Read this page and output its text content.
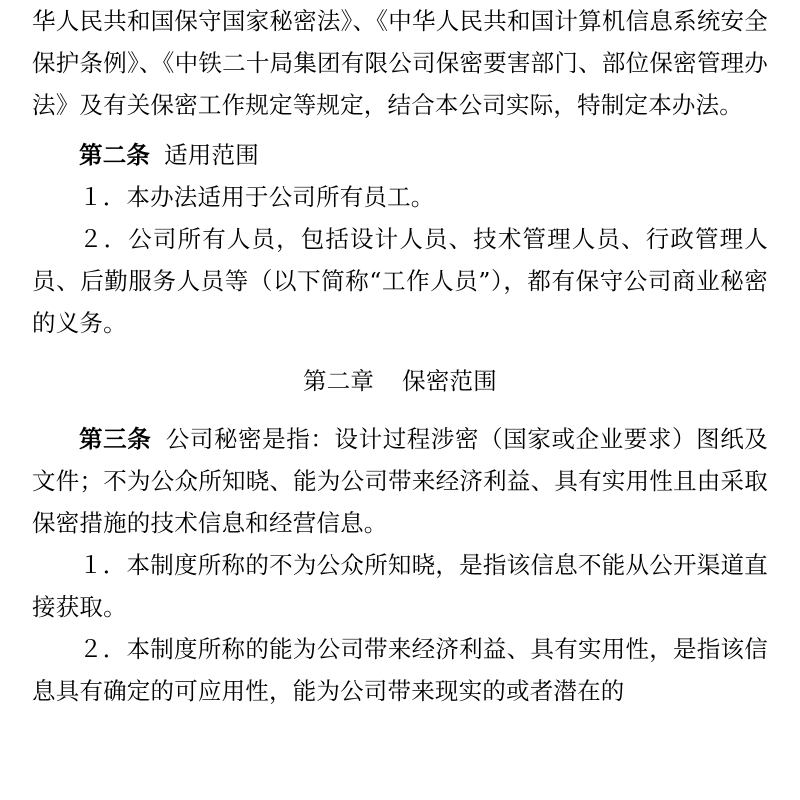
华人民共和国保守国家秘密法》、《中华人民共和国计算机信息系统安全保护条例》、《中铁二十局集团有限公司保密要害部门、部位保密管理办法》及有关保密工作规定等规定，结合本公司实际，特制定本办法。

第二条 适用范围

１．本办法适用于公司所有员工。

２．公司所有人员，包括设计人员、技术管理人员、行政管理人员、后勤服务人员等（以下简称“工作人员”），都有保守公司商业秘密的义务。

第二章 保密范围

第三条 公司秘密是指：设计过程涉密（国家或企业要求）图纸及文件；不为公众所知晓、能为公司带来经济利益、具有实用性且由采取保密措施的技术信息和经营信息。

１．本制度所称的不为公众所知晓，是指该信息不能从公开渠道直接获取。

２．本制度所称的能为公司带来经济利益、具有实用性，是指该信息具有确定的可应用性，能为公司带来现实的或者潜在的
